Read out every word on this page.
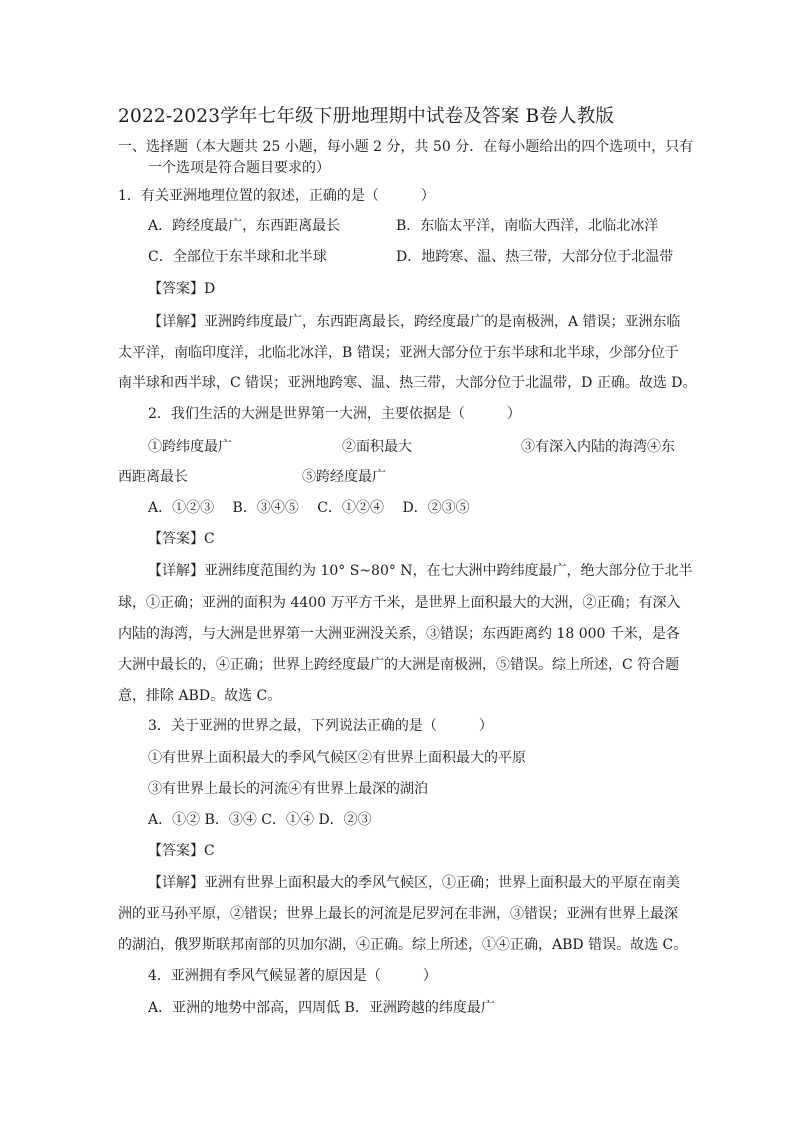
2022-2023学年七年级下册地理期中试卷及答案 B卷人教版
一、选择题（本大题共 25 小题，每小题 2 分，共 50 分．在每小题给出的四个选项中，只有
一个选项是符合题目要求的）
1．有关亚洲地理位置的叙述，正确的是（　　　）
A．跨经度最广，东西距离最长	B．东临太平洋，南临大西洋，北临北冰洋
C．全部位于东半球和北半球	D．地跨寒、温、热三带，大部分位于北温带
【答案】D
【详解】亚洲跨纬度最广，东西距离最长，跨经度最广的是南极洲，A 错误；亚洲东临
太平洋，南临印度洋，北临北冰洋，B 错误；亚洲大部分位于东半球和北半球，少部分位于
南半球和西半球，C 错误；亚洲地跨寒、温、热三带，大部分位于北温带，D 正确。故选 D。
2．我们生活的大洲是世界第一大洲，主要依据是（　　　）
①跨纬度最广	②面积最大	③有深入内陆的海湾④东
西距离最长	⑤跨经度最广
A．①②③　 B．③④⑤　 C．①②④　 D．②③⑤
【答案】C
【详解】亚洲纬度范围约为 10° S~80° N，在七大洲中跨纬度最广，绝大部分位于北半
球，①正确；亚洲的面积为 4400 万平方千米，是世界上面积最大的大洲，②正确；有深入
内陆的海湾，与大洲是世界第一大洲亚洲没关系，③错误；东西距离约 18 000 千米，是各
大洲中最长的，④正确；世界上跨经度最广的大洲是南极洲，⑤错误。综上所述，C 符合题
意，排除 ABD。故选 C。
3．关于亚洲的世界之最，下列说法正确的是（　　　）
①有世界上面积最大的季风气候区②有世界上面积最大的平原
③有世界上最长的河流④有世界上最深的湖泊
A．①② B．③④ C．①④ D．②③
【答案】C
【详解】亚洲有世界上面积最大的季风气候区，①正确；世界上面积最大的平原在南美
洲的亚马孙平原，②错误；世界上最长的河流是尼罗河在非洲，③错误；亚洲有世界上最深
的湖泊，俄罗斯联邦南部的贝加尔湖，④正确。综上所述，①④正确，ABD 错误。故选 C。
4．亚洲拥有季风气候显著的原因是（　　　）
A．亚洲的地势中部高，四周低 B．亚洲跨越的纬度最广
